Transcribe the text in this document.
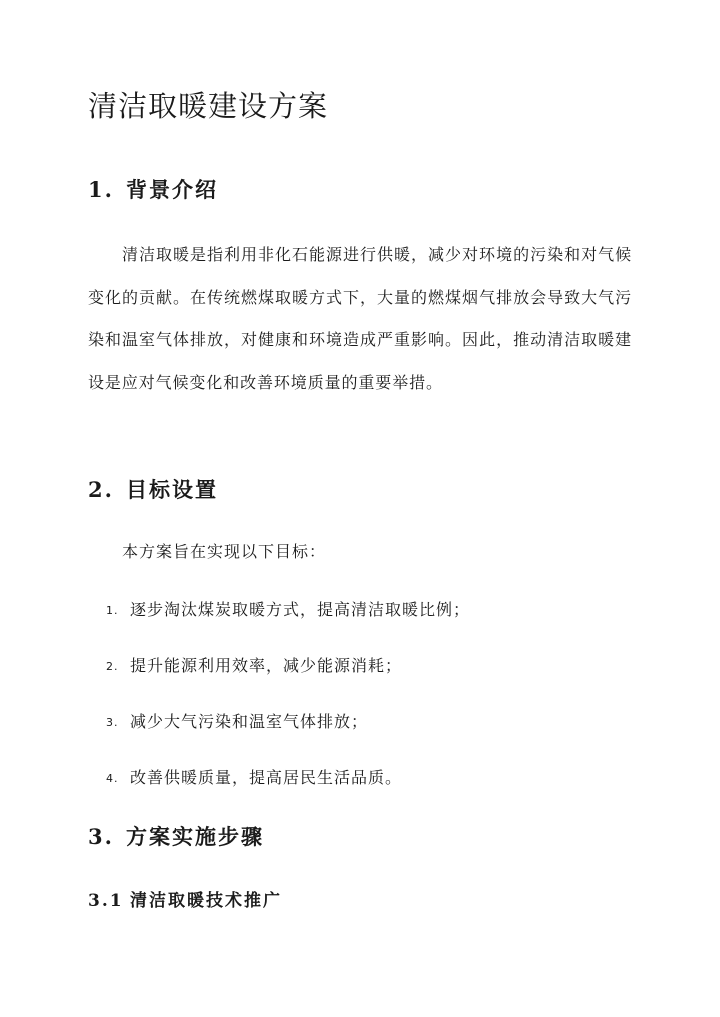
清洁取暖建设方案
1. 背景介绍

清洁取暖是指利用非化石能源进行供暖，减少对环境的污染和对气候变化的贡献。在传统燃煤取暖方式下，大量的燃煤烟气排放会导致大气污染和温室气体排放，对健康和环境造成严重影响。因此，推动清洁取暖建设是应对气候变化和改善环境质量的重要举措。

2. 目标设置

本方案旨在实现以下目标：

1. 逐步淘汰煤炭取暖方式，提高清洁取暖比例；
2. 提升能源利用效率，减少能源消耗；
3. 减少大气污染和温室气体排放；
4. 改善供暖质量，提高居民生活品质。
3. 方案实施步骤
3.1 清洁取暖技术推广
